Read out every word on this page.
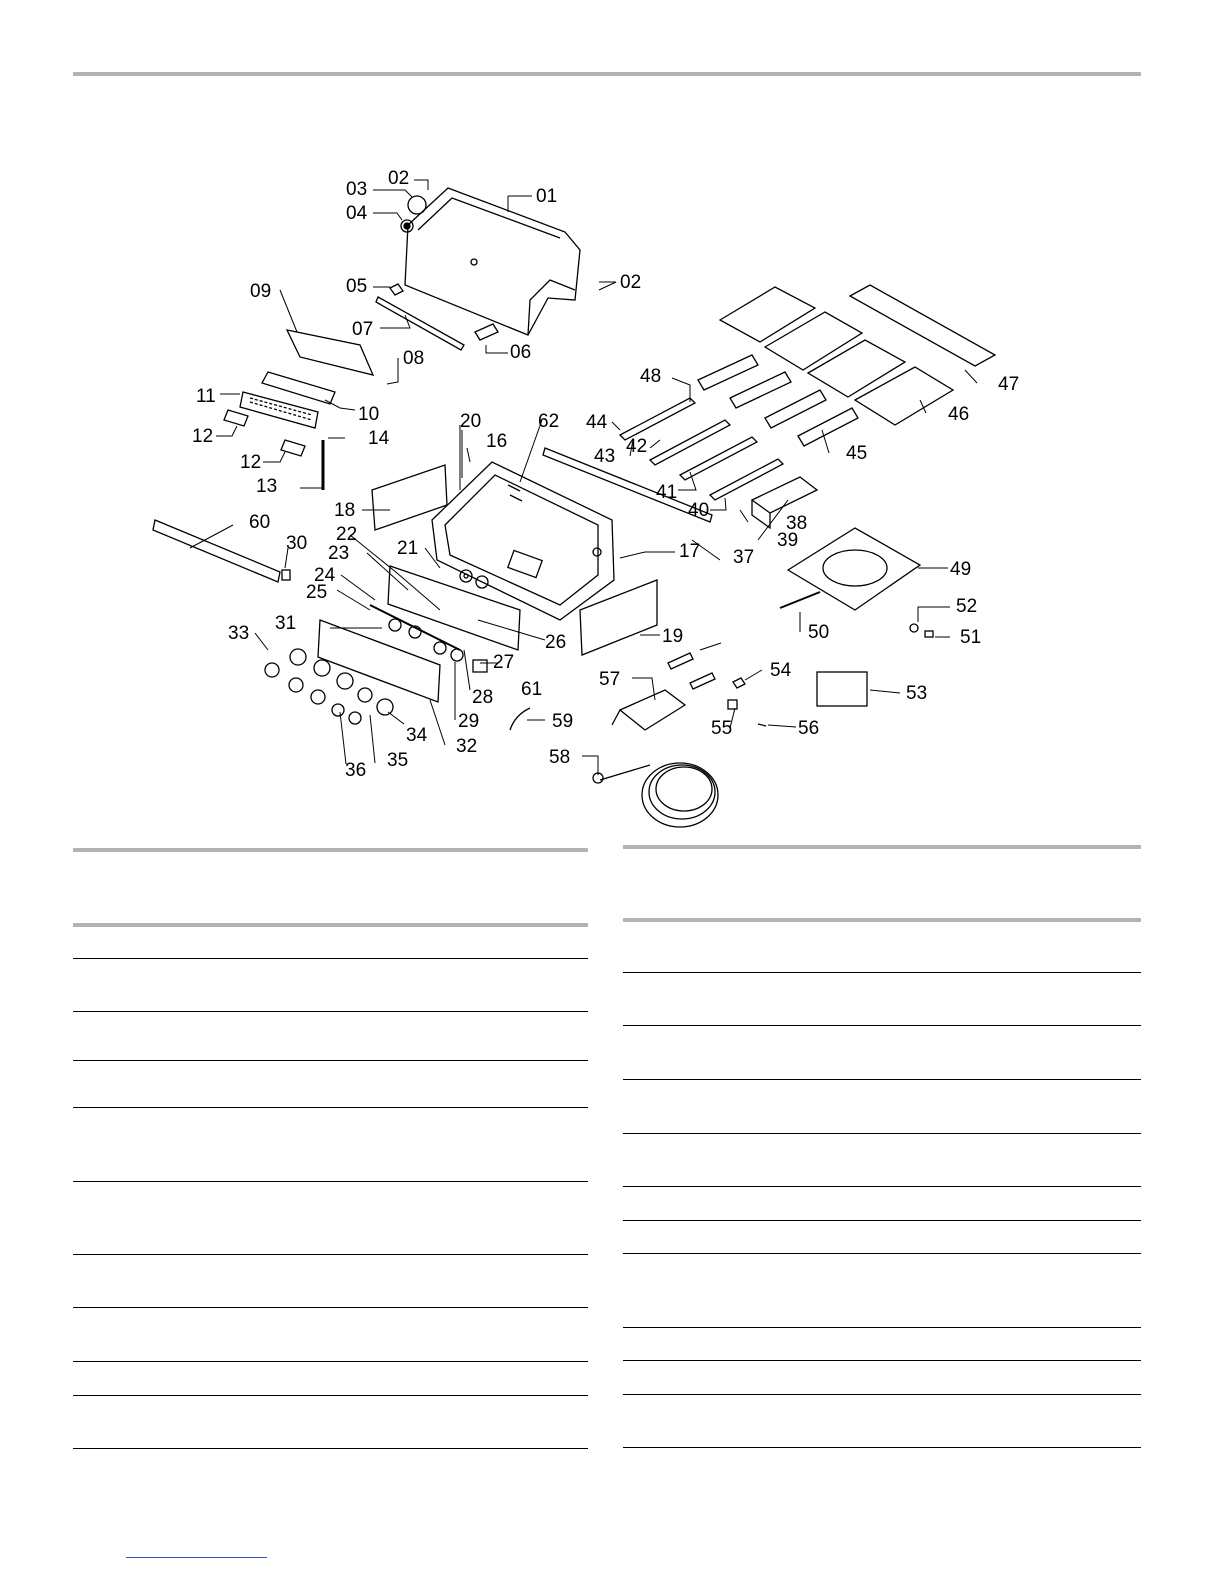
02
01
03
04
05	02
07
06
08
09
10
11
12
12
13
14	16
17
18
19
20
21
22
23
24
25
26
27
28
29
30
31
32
33
34
35
36
37
38
39
40
41
42
43
44
45
46
47
48
49
50	51
52
53
54
55	56
57
58
59
60
61
62
